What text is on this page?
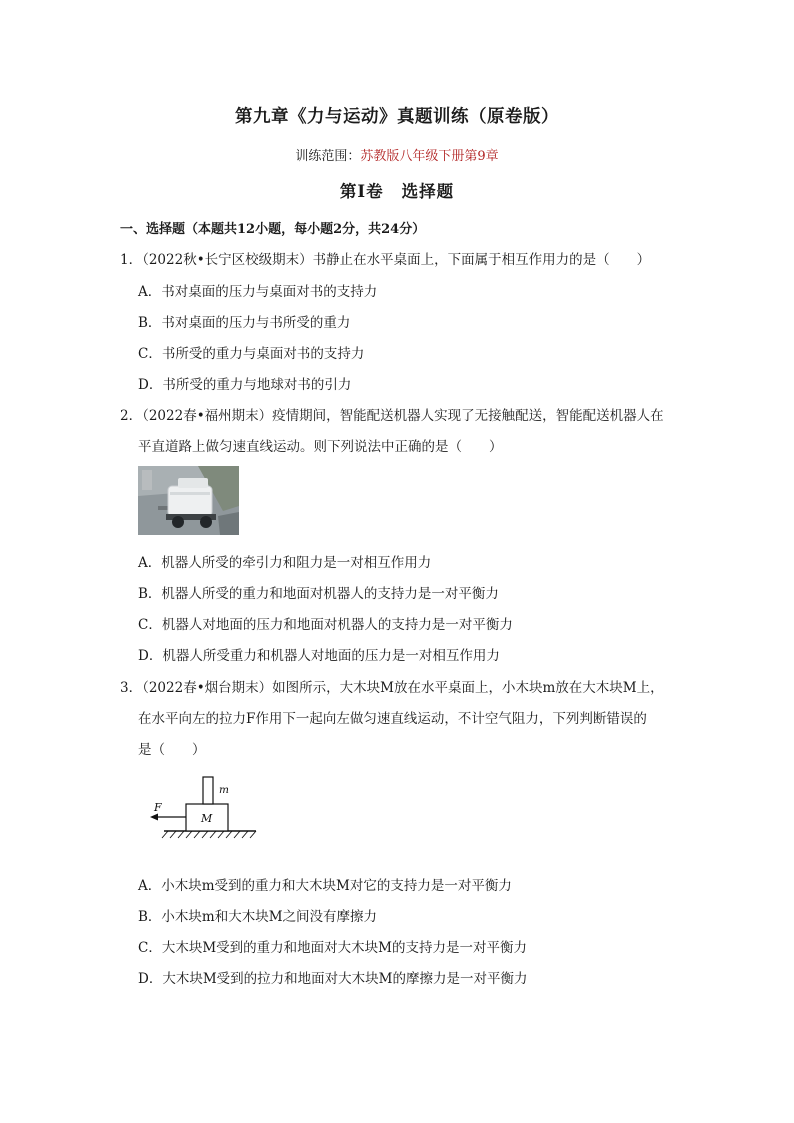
第九章《力与运动》真题训练（原卷版）
训练范围：苏教版八年级下册第9章
第Ⅰ卷 选择题
一、选择题（本题共12小题，每小题2分，共24分）
1．（2022秋•长宁区校级期末）书静止在水平桌面上，下面属于相互作用力的是（　　）
A．书对桌面的压力与桌面对书的支持力
B．书对桌面的压力与书所受的重力
C．书所受的重力与桌面对书的支持力
D．书所受的重力与地球对书的引力
2．（2022春•福州期末）疫情期间，智能配送机器人实现了无接触配送，智能配送机器人在
平直道路上做匀速直线运动。则下列说法中正确的是（　　）
A．机器人所受的牵引力和阻力是一对相互作用力
B．机器人所受的重力和地面对机器人的支持力是一对平衡力
C．机器人对地面的压力和地面对机器人的支持力是一对平衡力
D．机器人所受重力和机器人对地面的压力是一对相互作用力
3．（2022春•烟台期末）如图所示，大木块M放在水平桌面上，小木块m放在大木块M上，
在水平向左的拉力F作用下一起向左做匀速直线运动，不计空气阻力，下列判断错误的
是（　　）
F
m
M
A．小木块m受到的重力和大木块M对它的支持力是一对平衡力
B．小木块m和大木块M之间没有摩擦力
C．大木块M受到的重力和地面对大木块M的支持力是一对平衡力
D．大木块M受到的拉力和地面对大木块M的摩擦力是一对平衡力
